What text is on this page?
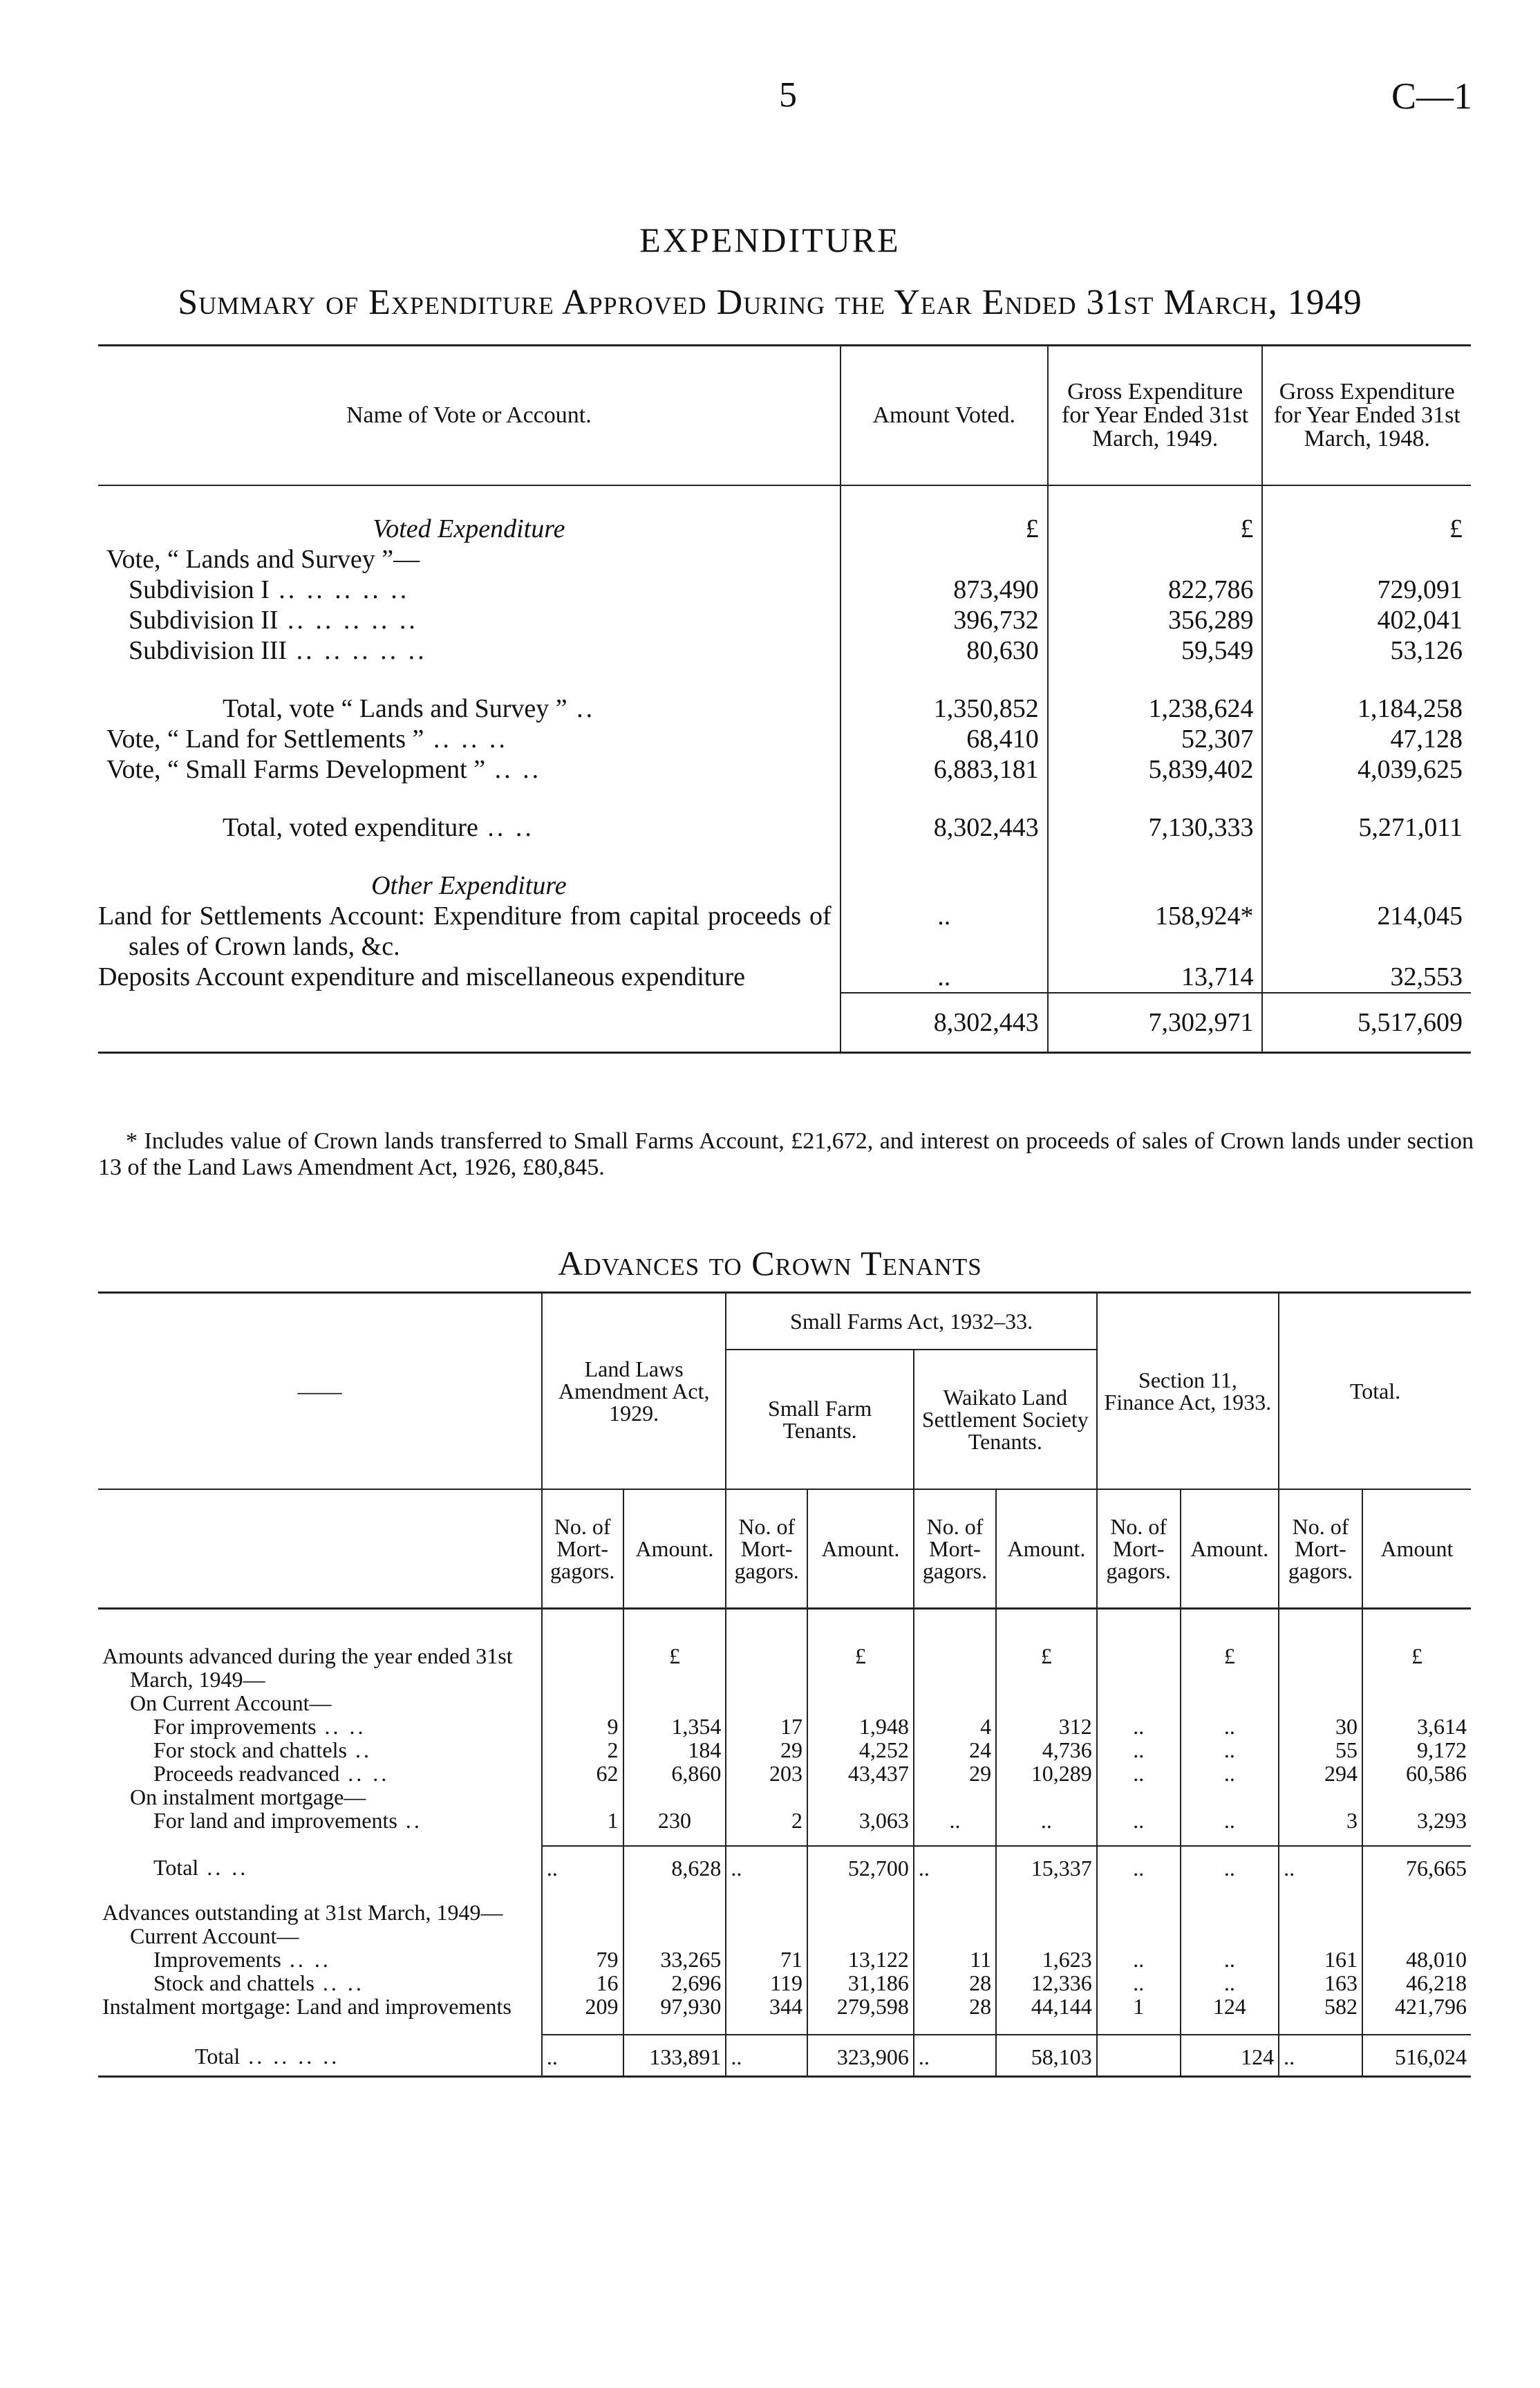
5	C—1
EXPENDITURE
Summary of Expenditure Approved During the Year Ended 31st March, 1949
Name of Vote or Account.	Amount Voted.	Gross Expenditure for Year Ended 31st March, 1949.	Gross Expenditure for Year Ended 31st March, 1948.

Voted Expenditure	£	£	£
Vote, “ Lands and Survey ”—			
Subdivision I .. .. .. .. ..	873,490	822,786	729,091
Subdivision II .. .. .. .. ..	396,732	356,289	402,041
Subdivision III .. .. .. .. ..	80,630	59,549	53,126

Total, vote “ Lands and Survey ” ..	1,350,852	1,238,624	1,184,258
Vote, “ Land for Settlements ” .. .. ..	68,410	52,307	47,128
Vote, “ Small Farms Development ” .. ..	6,883,181	5,839,402	4,039,625

Total, voted expenditure .. ..	8,302,443	7,130,333	5,271,011

Other Expenditure			
Land for Settlements Account: Expenditure from capital proceeds of sales of Crown lands, &c.	..	158,924*	214,045
Deposits Account expenditure and miscellaneous expenditure	..	13,714	32,553
	8,302,443	7,302,971	5,517,609

* Includes value of Crown lands transferred to Small Farms Account, £21,672, and interest on proceeds of sales of Crown lands under section 13 of the Land Laws Amendment Act, 1926, £80,845.
Advances to Crown Tenants
——	Land Laws Amendment Act, 1929.		Small Farms Act, 1932–33.				Section 11, Finance Act, 1933.		Total.	
			Small Farm Tenants.		Waikato Land Settlement Society Tenants.					
	No. of Mort-gagors.	Amount.	No. of Mort-gagors.	Amount.	No. of Mort-gagors.	Amount.	No. of Mort-gagors.	Amount.	No. of Mort-gagors.	Amount
Amounts advanced during the year ended 31st March, 1949—		£		£		£		£		£
On Current Account—										
For improvements .. ..	9	1,354	17	1,948	4	312	..	..	30	3,614
For stock and chattels ..	2	184	29	4,252	24	4,736	..	..	55	9,172
Proceeds readvanced .. ..	62	6,860	203	43,437	29	10,289	..	..	294	60,586
On instalment mortgage—										
For land and improvements ..	1	230	2	3,063	..	..	..	..	3	3,293
Total .. ..	..	8,628	..	52,700	..	15,337	..	..	..	76,665
Advances outstanding at 31st March, 1949—										
Current Account—										
Improvements .. ..	79	33,265	71	13,122	11	1,623	..	..	161	48,010
Stock and chattels .. ..	16	2,696	119	31,186	28	12,336	..	..	163	46,218
Instalment mortgage: Land and improvements	209	97,930	344	279,598	28	44,144	1	124	582	421,796
Total .. .. .. ..	..	133,891	..	323,906	..	58,103		124	..	516,024
